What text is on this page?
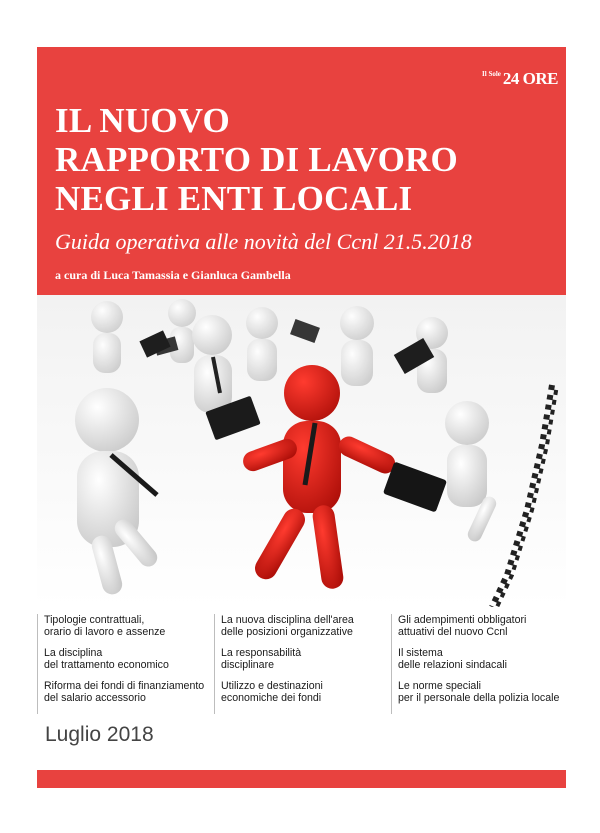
$^{Il Sole}$ 24 ORE
IL NUOVO
RAPPORTO DI LAVORO
NEGLI ENTI LOCALI

Guida operativa alle novità del Ccnl 21.5.2018

a cura di Luca Tamassia e Gianluca Gambella

Tipologie contrattuali,
orario di lavoro e assenze

La disciplina
del trattamento economico

Riforma dei fondi di finanziamento
del salario accessorio

La nuova disciplina dell'area
delle posizioni organizzative

La responsabilità
disciplinare

Utilizzo e destinazioni
economiche dei fondi

Gli adempimenti obbligatori
attuativi del nuovo Ccnl

Il sistema
delle relazioni sindacali

Le norme speciali
per il personale della polizia locale

Luglio 2018
